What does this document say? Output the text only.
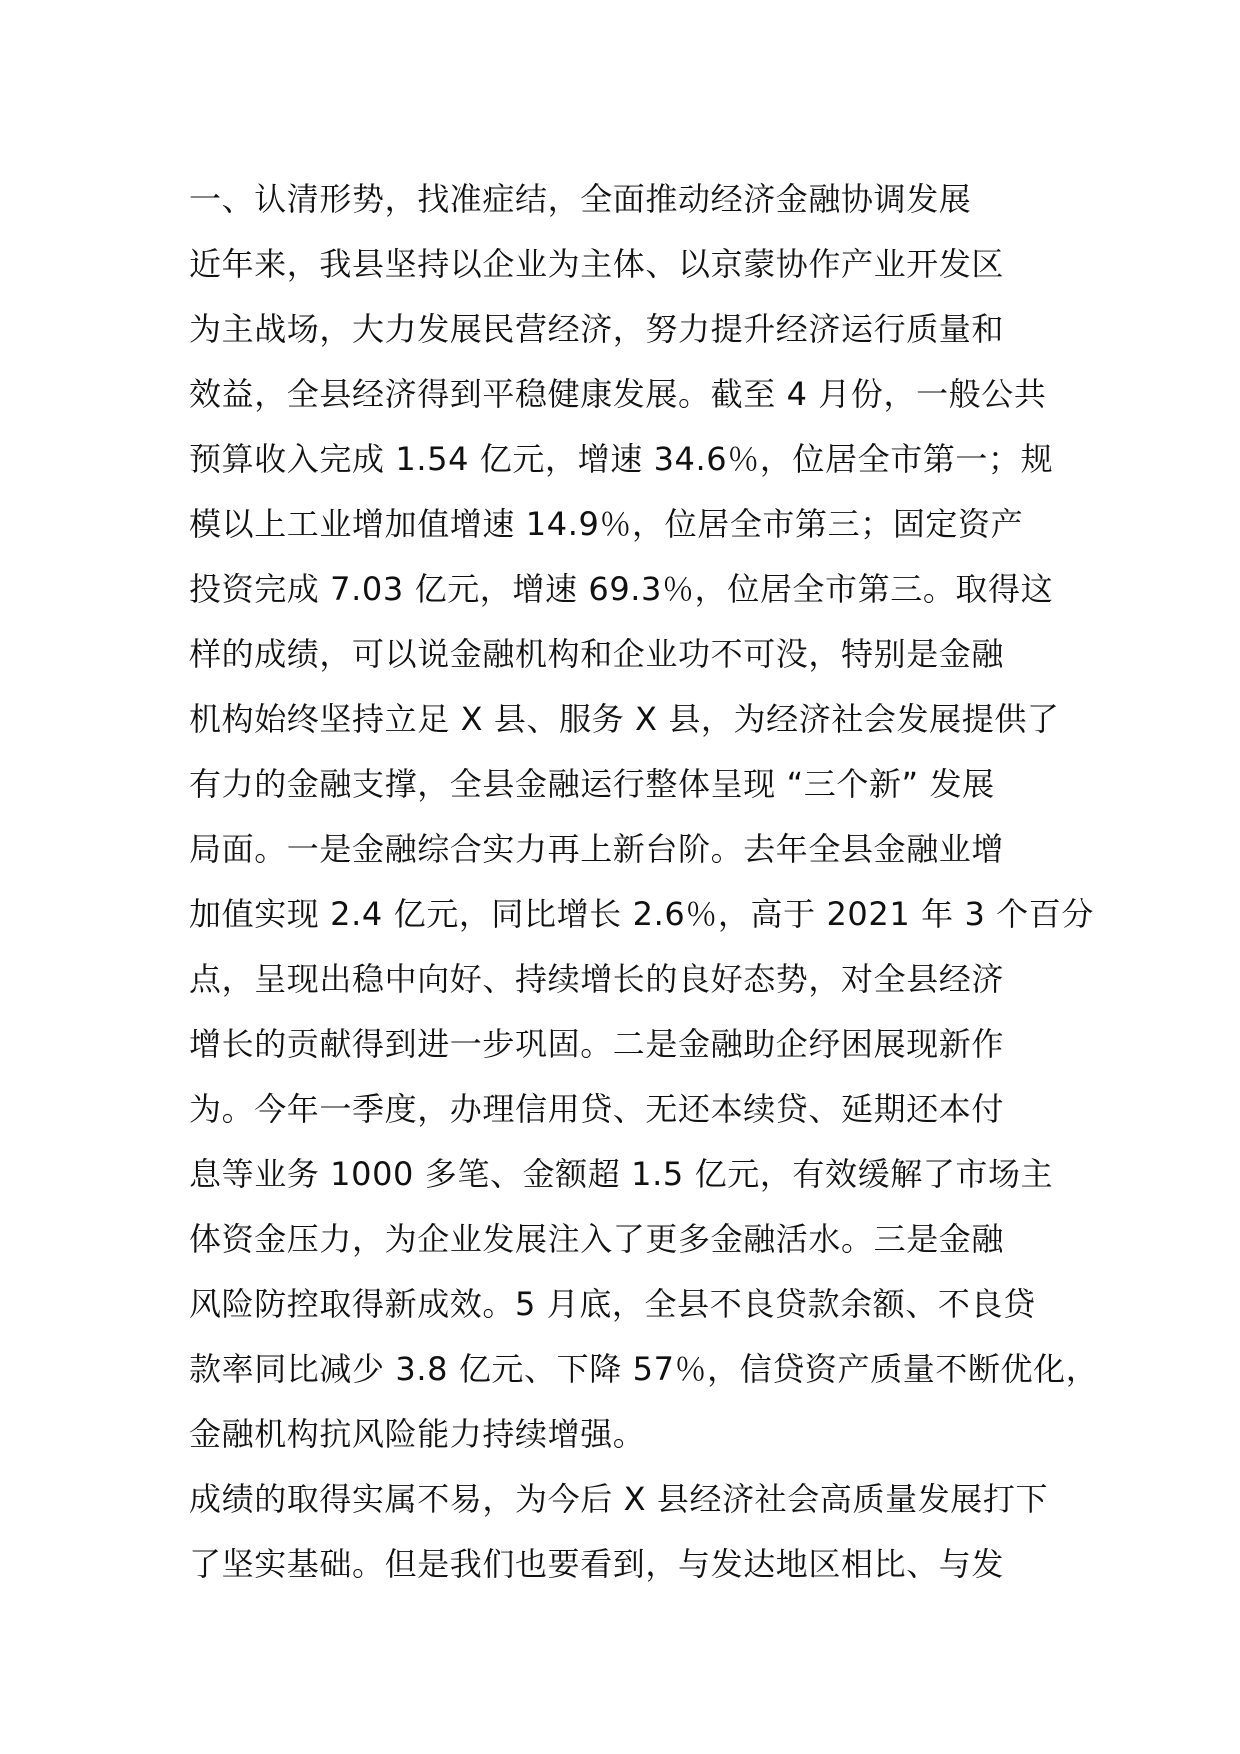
一、认清形势，找准症结，全面推动经济金融协调发展
近年来，我县坚持以企业为主体、以京蒙协作产业开发区
为主战场，大力发展民营经济，努力提升经济运行质量和
效益，全县经济得到平稳健康发展。截至 4 月份，一般公共
预算收入完成 1.54 亿元，增速 34.6％，位居全市第一；规
模以上工业增加值增速 14.9％，位居全市第三；固定资产
投资完成 7.03 亿元，增速 69.3％，位居全市第三。取得这
样的成绩，可以说金融机构和企业功不可没，特别是金融
机构始终坚持立足 X 县、服务 X 县，为经济社会发展提供了
有力的金融支撑，全县金融运行整体呈现 “三个新” 发展
局面。一是金融综合实力再上新台阶。去年全县金融业增
加值实现 2.4 亿元，同比增长 2.6％，高于 2021 年 3 个百分
点，呈现出稳中向好、持续增长的良好态势，对全县经济
增长的贡献得到进一步巩固。二是金融助企纾困展现新作
为。今年一季度，办理信用贷、无还本续贷、延期还本付
息等业务 1000 多笔、金额超 1.5 亿元，有效缓解了市场主
体资金压力，为企业发展注入了更多金融活水。三是金融
风险防控取得新成效。5 月底，全县不良贷款余额、不良贷
款率同比减少 3.8 亿元、下降 57％，信贷资产质量不断优化，
金融机构抗风险能力持续增强。
成绩的取得实属不易，为今后 X 县经济社会高质量发展打下
了坚实基础。但是我们也要看到，与发达地区相比、与发
